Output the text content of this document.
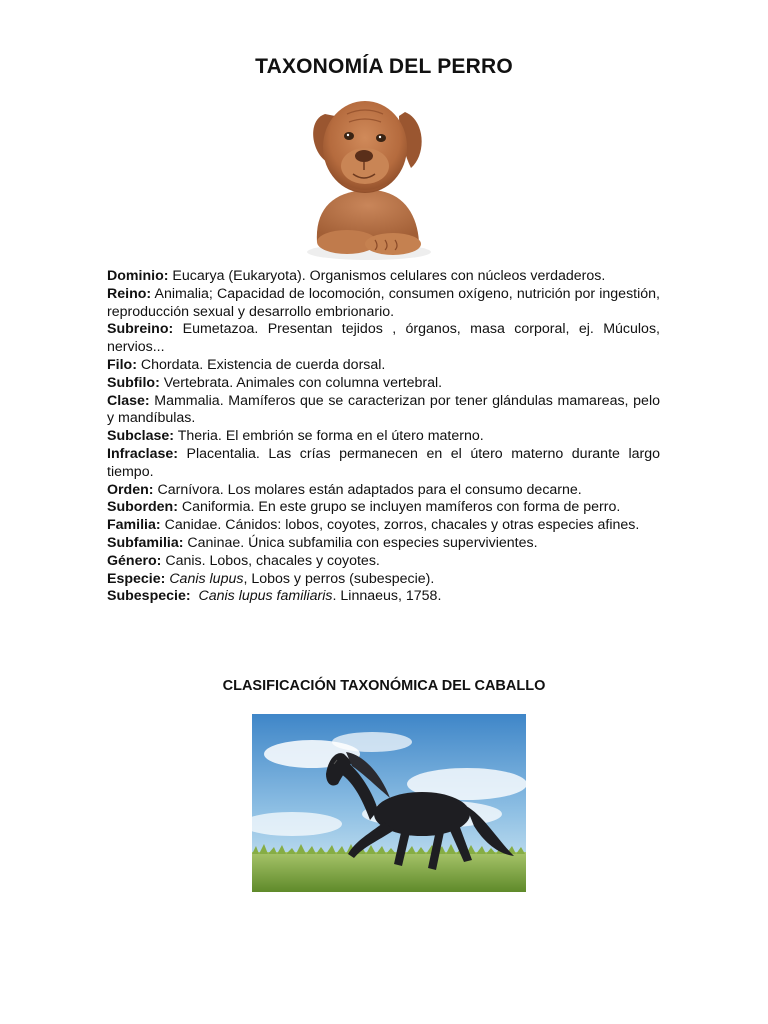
TAXONOMÍA DEL PERRO

Dominio: Eucarya (Eukaryota). Organismos celulares con núcleos verdaderos.

Reino: Animalia; Capacidad de locomoción, consumen oxígeno, nutrición por ingestión, reproducción sexual y desarrollo embrionario.

Subreino: Eumetazoa. Presentan tejidos , órganos, masa corporal, ej. Múculos, nervios...

Filo: Chordata. Existencia de cuerda dorsal.

Subfilo: Vertebrata. Animales con columna vertebral.

Clase: Mammalia. Mamíferos que se caracterizan por tener glándulas mamareas, pelo y mandíbulas.

Subclase: Theria. El embrión se forma en el útero materno.

Infraclase: Placentalia. Las crías permanecen en el útero materno durante largo tiempo.

Orden: Carnívora. Los molares están adaptados para el consumo decarne.

Suborden: Caniformia. En este grupo se incluyen mamíferos con forma de perro.

Familia: Canidae. Cánidos: lobos, coyotes, zorros, chacales y otras especies afines.

Subfamilia: Caninae. Única subfamilia con especies supervivientes.

Género: Canis. Lobos, chacales y coyotes.

Especie: Canis lupus, Lobos y perros (subespecie).

Subespecie: Canis lupus familiaris. Linnaeus, 1758.

CLASIFICACIÓN TAXONÓMICA DEL CABALLO
